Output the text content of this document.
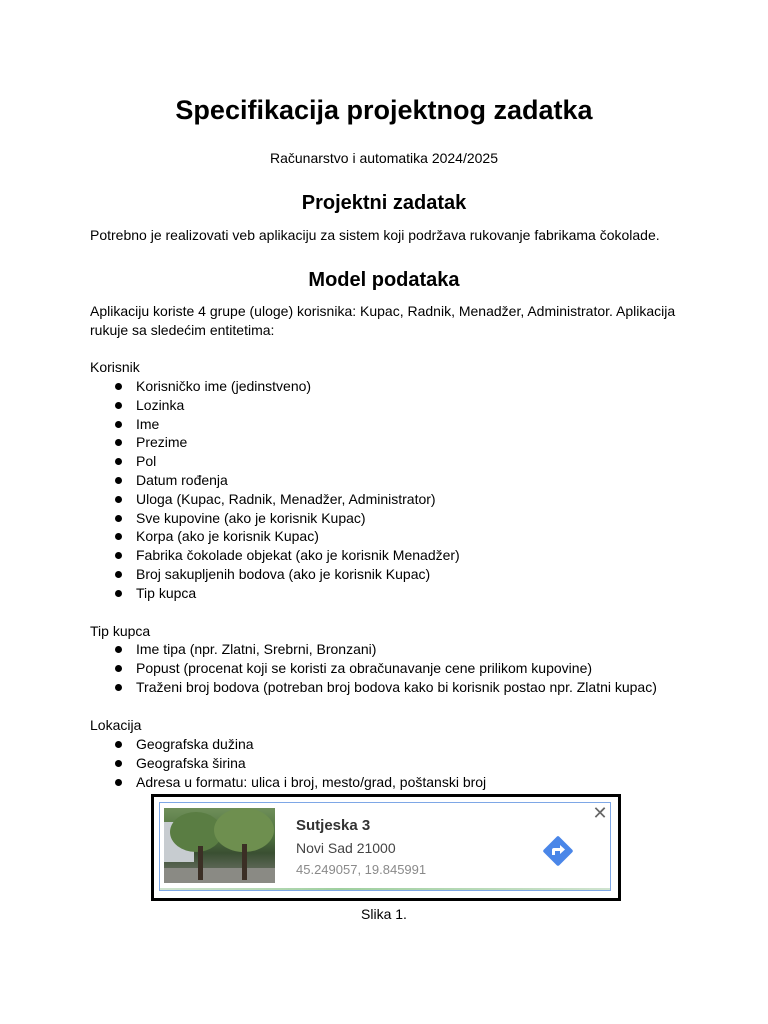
Specifikacija projektnog zadatka
Računarstvo i automatika 2024/2025
Projektni zadatak
Potrebno je realizovati veb aplikaciju za sistem koji podržava rukovanje fabrikama čokolade.
Model podataka
Aplikaciju koriste 4 grupe (uloge) korisnika: Kupac, Radnik, Menadžer, Administrator. Aplikacija rukuje sa sledećim entitetima:
Korisnik
Korisničko ime (jedinstveno)
Lozinka
Ime
Prezime
Pol
Datum rođenja
Uloga (Kupac, Radnik, Menadžer, Administrator)
Sve kupovine (ako je korisnik Kupac)
Korpa (ako je korisnik Kupac)
Fabrika čokolade objekat (ako je korisnik Menadžer)
Broj sakupljenih bodova (ako je korisnik Kupac)
Tip kupca
Tip kupca
Ime tipa (npr. Zlatni, Srebrni, Bronzani)
Popust (procenat koji se koristi za obračunavanje cene prilikom kupovine)
Traženi broj bodova (potreban broj bodova kako bi korisnik postao npr. Zlatni kupac)
Lokacija
Geografska dužina
Geografska širina
Adresa u formatu: ulica i broj, mesto/grad, poštanski broj
Sutjeska 3
Novi Sad 21000
45.249057, 19.845991
✕
Slika 1.
